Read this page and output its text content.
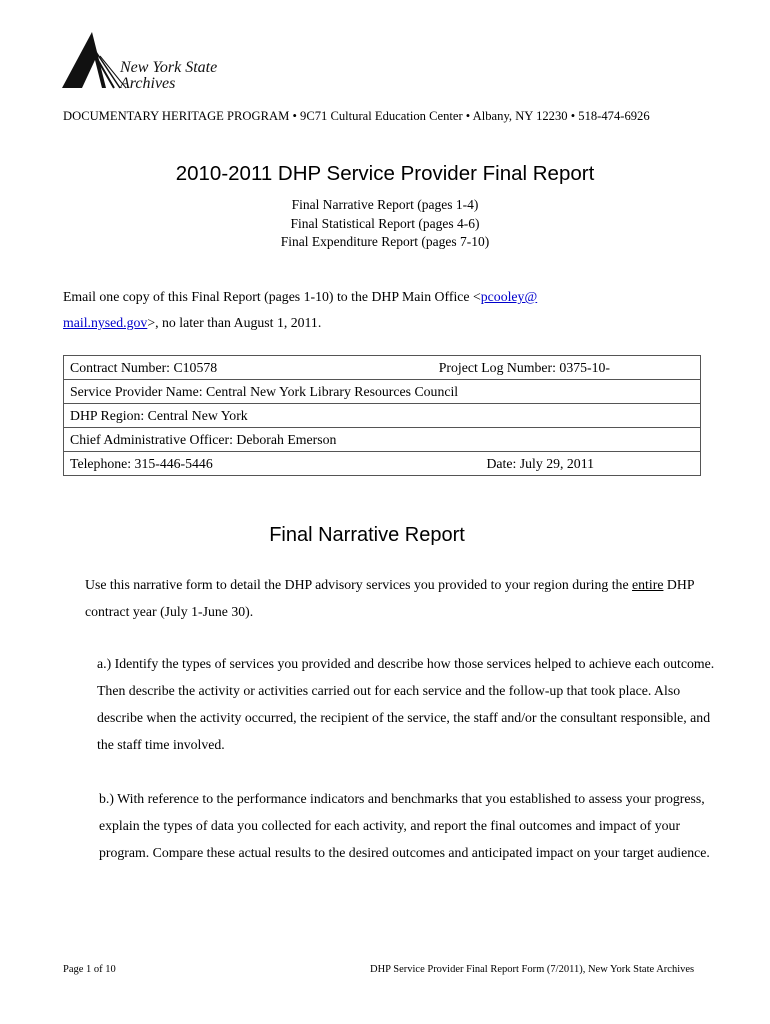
New York State
Archives
DOCUMENTARY HERITAGE PROGRAM • 9C71 Cultural Education Center • Albany, NY 12230 • 518-474-6926
2010-2011 DHP Service Provider Final Report
Final Narrative Report (pages 1-4)
Final Statistical Report (pages 4-6)
Final Expenditure Report (pages 7-10)
Email one copy of this Final Report (pages 1-10) to the DHP Main Office <pcooley@
mail.nysed.gov>, no later than August 1, 2011.
Contract Number: C10578	Project Log Number: 0375-10-

Service Provider Name: Central New York Library Resources Council
DHP Region: Central New York
Chief Administrative Officer: Deborah Emerson

Telephone: 315-446-5446	Date: July 29, 2011
Final Narrative Report
Use this narrative form to detail the DHP advisory services you provided to your region during the entire DHP contract year (July 1-June 30).
a.) Identify the types of services you provided and describe how those services helped to achieve each outcome. Then describe the activity or activities carried out for each service and the follow-up that took place. Also describe when the activity occurred, the recipient of the service, the staff and/or the consultant responsible, and the staff time involved.
b.) With reference to the performance indicators and benchmarks that you established to assess your progress, explain the types of data you collected for each activity, and report the final outcomes and impact of your program. Compare these actual results to the desired outcomes and anticipated impact on your target audience.
Page 1 of 10	DHP Service Provider Final Report Form (7/2011), New York State Archives
